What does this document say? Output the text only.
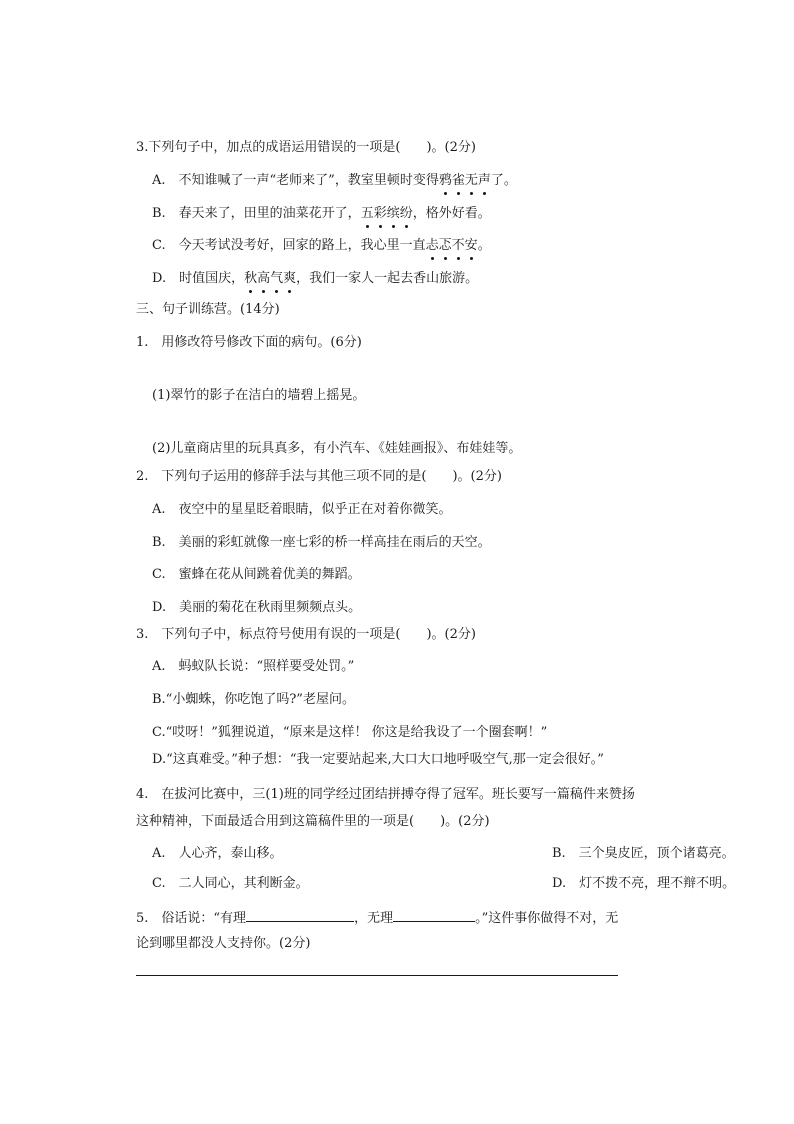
3.下列句子中，加点的成语运用错误的一项是(　　)。(2分)
A.　不知谁喊了一声“老师来了”，教室里顿时变得鸦雀无声了。
B.　春天来了，田里的油菜花开了，五彩缤纷，格外好看。
C.　今天考试没考好，回家的路上，我心里一直忐忑不安。
D.　时值国庆，秋高气爽，我们一家人一起去香山旅游。
三、句子训练营。(14分)
1.　用修改符号修改下面的病句。(6分)
(1)翠竹的影子在洁白的墙碧上摇晃。
(2)儿童商店里的玩具真多，有小汽车、《娃娃画报》、布娃娃等。
2.　下列句子运用的修辞手法与其他三项不同的是(　　)。(2分)
A.　夜空中的星星眨着眼睛，似乎正在对着你微笑。
B.　美丽的彩虹就像一座七彩的桥一样高挂在雨后的天空。
C.　蜜蜂在花从间跳着优美的舞蹈。
D.　美丽的菊花在秋雨里频频点头。
3.　下列句子中，标点符号使用有误的一项是(　　)。(2分)
A.　蚂蚁队长说：“照样要受处罚。”
B.“小蜘蛛，你吃饱了吗?”老屋问。
C.“哎呀！”狐狸说道，“原来是这样！ 你这是给我设了一个圈套啊！”
D.“这真难受。”种子想：“我一定要站起来,大口大口地呼吸空气,那一定会很好。”
4.　在拔河比赛中，三(1)班的同学经过团结拼搏夺得了冠军。班长要写一篇稿件来赞扬
这种精神，下面最适合用到这篇稿件里的一项是(　　)。(2分)
A.　人心齐，泰山移。	B.　三个臭皮匠，顶个诸葛亮。
C.　二人同心，其利断金。	D.　灯不拨不亮，理不辩不明。
5.　俗话说：“有理	，无理	。”这件事你做得不对，无
论到哪里都没人支持你。(2分)
